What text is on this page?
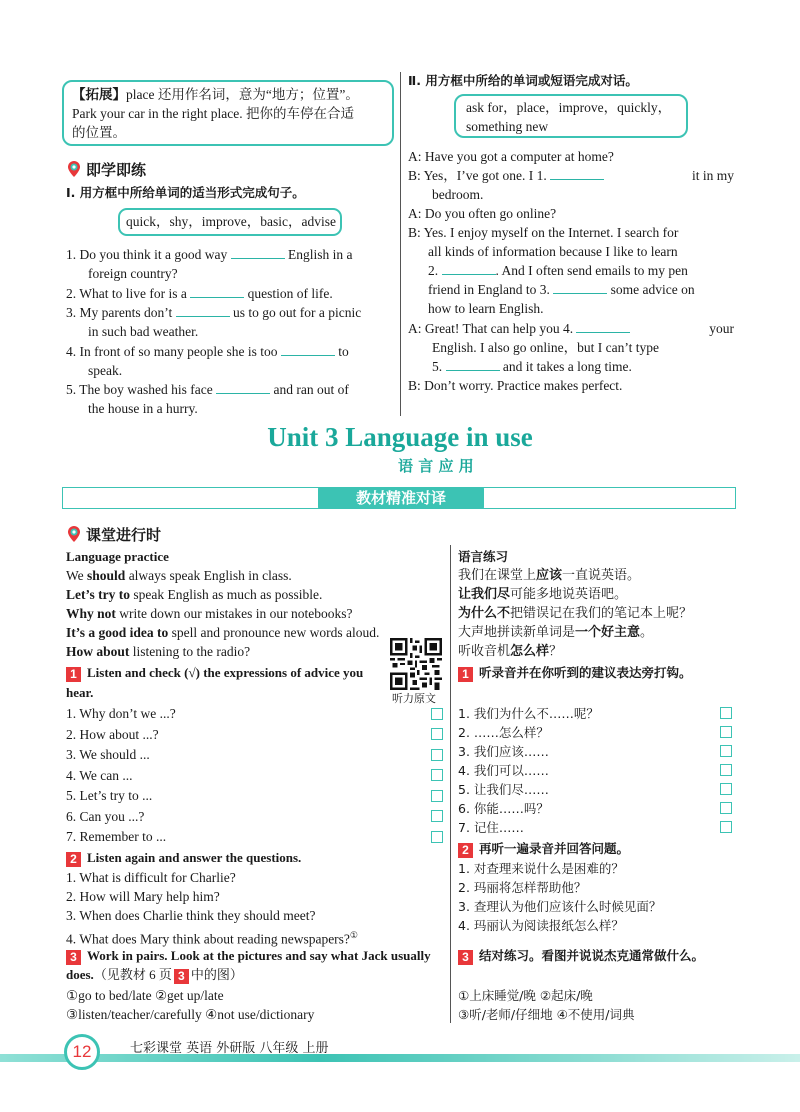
【拓展】place 还用作名词，意为“地方；位置”。
Park your car in the right place. 把你的车停在合适
的位置。
即学即练
Ⅰ. 用方框中所给单词的适当形式完成句子。
quick，shy，improve，basic，advise
1. Do you think it a good way	English in a
foreign country?
2. What to live for is a	question of life.
3. My parents don’t	us to go out for a picnic
in such bad weather.
4. In front of so many people she is too	to
speak.
5. The boy washed his face	and ran out of
the house in a hurry.
Ⅱ. 用方框中所给的单词或短语完成对话。
ask for，place，improve，quickly，
something new
A: Have you got a computer at home?
B: Yes，I’ve got one. I 1.	it in my
bedroom.
A: Do you often go online?
B: Yes. I enjoy myself on the Internet. I search for
all kinds of information because I like to learn
2.	. And I often send emails to my pen
friend in England to 3.	some advice on
how to learn English.
A: Great! That can help you 4.	your
English. I also go online，but I can’t type
5.	and it takes a long time.
B: Don’t worry. Practice makes perfect.
Unit 3 Language in use
语 言 应 用
教材精准对译
课堂进行时
Language practice
We should always speak English in class.
Let’s try to speak English as much as possible.
Why not write down our mistakes in our notebooks?
It’s a good idea to spell and pronounce new words aloud.
How about listening to the radio?
听力原文
1 Listen and check (√) the expressions of advice you
hear.
1. Why don’t we ...?
2. How about ...?
3. We should ...
4. We can ...
5. Let’s try to ...
6. Can you ...?
7. Remember to ...
2 Listen again and answer the questions.
1. What is difficult for Charlie?
2. How will Mary help him?
3. When does Charlie think they should meet?
4. What does Mary think about reading newspapers?①
3 Work in pairs. Look at the pictures and say what Jack usually
does.（见教材 6 页 3 中的图）
①go to bed/late ②get up/late
③listen/teacher/carefully ④not use/dictionary
语言练习
我们在课堂上应该一直说英语。
让我们尽可能多地说英语吧。
为什么不把错误记在我们的笔记本上呢？
大声地拼读新单词是一个好主意。
听收音机怎么样？
1 听录音并在你听到的建议表达旁打钩。
1. 我们为什么不……呢？
2. ……怎么样？
3. 我们应该……
4. 我们可以……
5. 让我们尽……
6. 你能……吗？
7. 记住……
2 再听一遍录音并回答问题。
1. 对查理来说什么是困难的？
2. 玛丽将怎样帮助他？
3. 查理认为他们应该什么时候见面？
4. 玛丽认为阅读报纸怎么样？
3 结对练习。看图并说说杰克通常做什么。
①上床睡觉/晚 ②起床/晚
③听/老师/仔细地 ④不使用/词典
12	七彩课堂 英语 外研版 八年级 上册
